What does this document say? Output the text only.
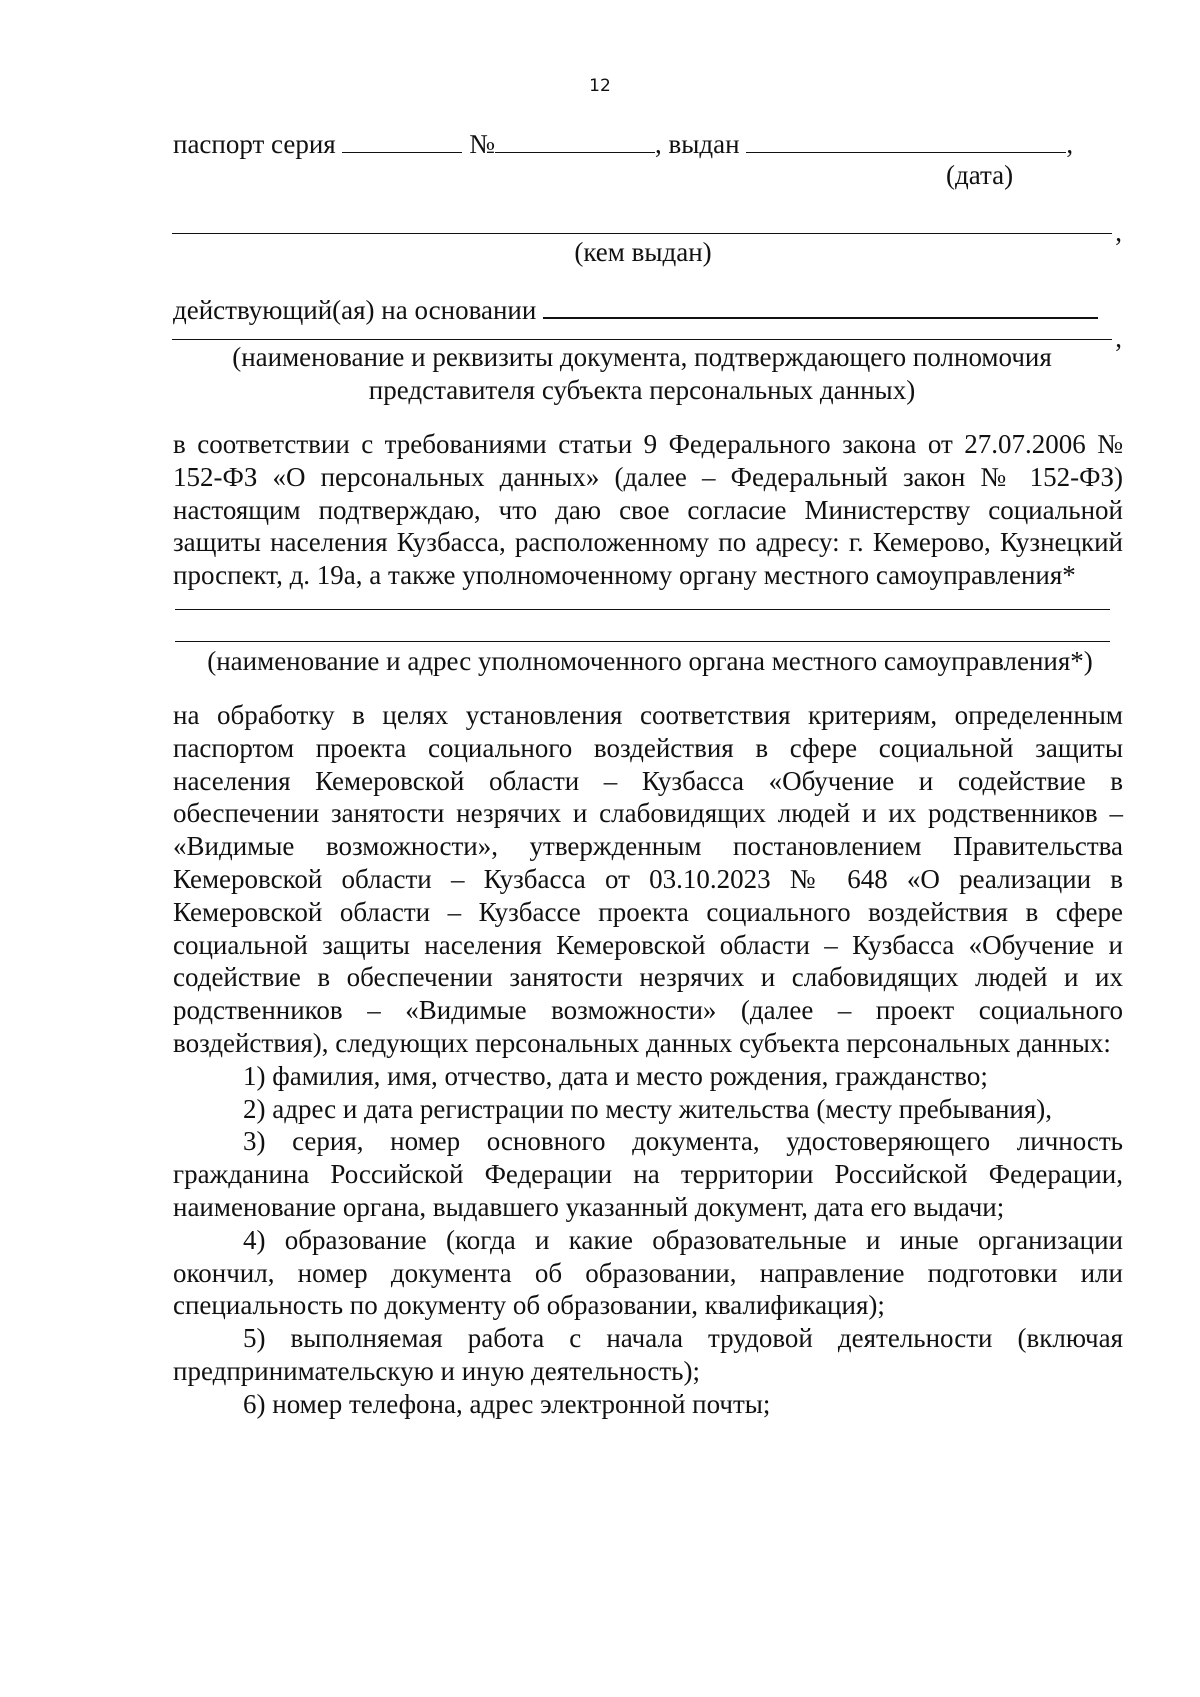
12
паспорт серия	№	, выдан	,
(дата)
,
(кем выдан)
действующий(ая) на основании
,
(наименование и реквизиты документа, подтверждающего полномочия
представителя субъекта персональных данных)

в соответствии с требованиями статьи 9 Федерального закона от 27.07.2006 № 152-ФЗ «О персональных данных» (далее – Федеральный закон № 152-ФЗ) настоящим подтверждаю, что даю свое согласие Министерству социальной защиты населения Кузбасса, расположенному по адресу: г. Кемерово, Кузнецкий проспект, д. 19а, а также уполномоченному органу местного самоуправления*

(наименование и адрес уполномоченного органа местного самоуправления*)

на обработку в целях установления соответствия критериям, определенным паспортом проекта социального воздействия в сфере социальной защиты населения Кемеровской области – Кузбасса «Обучение и содействие в обеспечении занятости незрячих и слабовидящих людей и их родственников – «Видимые возможности», утвержденным постановлением Правительства Кемеровской области – Кузбасса от 03.10.2023 № 648 «О реализации в Кемеровской области – Кузбассе проекта социального воздействия в сфере социальной защиты населения Кемеровской области – Кузбасса «Обучение и содействие в обеспечении занятости незрячих и слабовидящих людей и их родственников – «Видимые возможности» (далее – проект социального воздействия), следующих персональных данных субъекта персональных данных:

1) фамилия, имя, отчество, дата и место рождения, гражданство;

2) адрес и дата регистрации по месту жительства (месту пребывания),

3) серия, номер основного документа, удостоверяющего личность гражданина Российской Федерации на территории Российской Федерации, наименование органа, выдавшего указанный документ, дата его выдачи;

4) образование (когда и какие образовательные и иные организации окончил, номер документа об образовании, направление подготовки или специальность по документу об образовании, квалификация);

5) выполняемая работа с начала трудовой деятельности (включая предпринимательскую и иную деятельность);

6) номер телефона, адрес электронной почты;
